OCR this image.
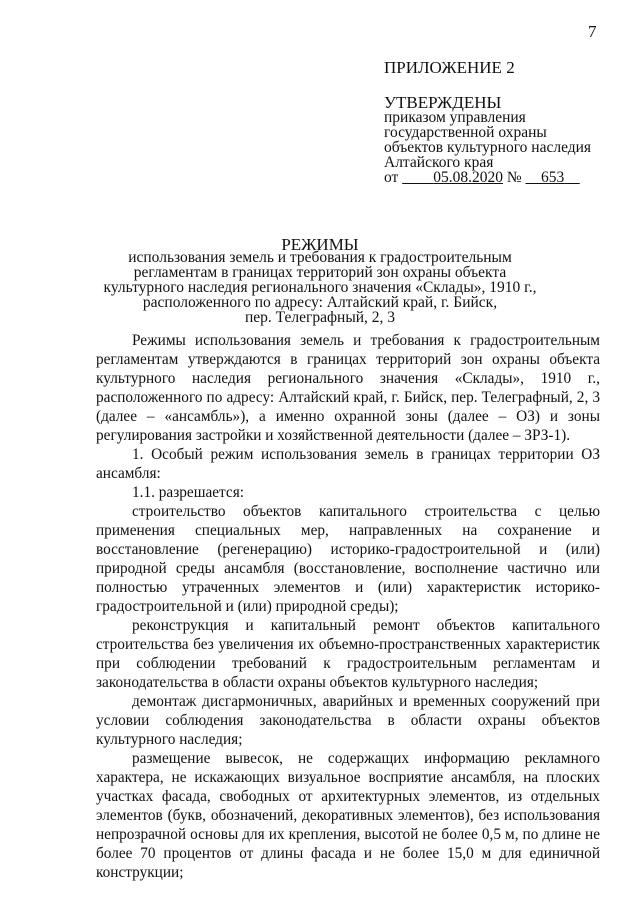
7
ПРИЛОЖЕНИЕ 2
УТВЕРЖДЕНЫ
приказом управления
государственной охраны
объектов культурного наследия
Алтайского края
от 05.08.2020 № 653
РЕЖИМЫ
использования земель и требования к градостроительным
регламентам в границах территорий зон охраны объекта
культурного наследия регионального значения «Склады», 1910 г.,
расположенного по адресу: Алтайский край, г. Бийск,
пер. Телеграфный, 2, 3

Режимы использования земель и требования к градостроительным регламентам утверждаются в границах территорий зон охраны объекта культурного наследия регионального значения «Склады», 1910 г., расположенного по адресу: Алтайский край, г. Бийск, пер. Телеграфный, 2, 3 (далее – «ансамбль»), а именно охранной зоны (далее – ОЗ) и зоны регулирования застройки и хозяйственной деятельности (далее – ЗРЗ-1).

1. Особый режим использования земель в границах территории ОЗ ансамбля:

1.1. разрешается:

строительство объектов капитального строительства с целью применения специальных мер, направленных на сохранение и восстановление (регенерацию) историко-градостроительной и (или) природной среды ансамбля (восстановление, восполнение частично или полностью утраченных элементов и (или) характеристик историко-градостроительной и (или) природной среды);

реконструкция и капитальный ремонт объектов капитального строительства без увеличения их объемно-пространственных характеристик при соблюдении требований к градостроительным регламентам и законодательства в области охраны объектов культурного наследия;

демонтаж дисгармоничных, аварийных и временных сооружений при условии соблюдения законодательства в области охраны объектов культурного наследия;

размещение вывесок, не содержащих информацию рекламного характера, не искажающих визуальное восприятие ансамбля, на плоских участках фасада, свободных от архитектурных элементов, из отдельных элементов (букв, обозначений, декоративных элементов), без использования непрозрачной основы для их крепления, высотой не более 0,5 м, по длине не более 70 процентов от длины фасада и не более 15,0 м для единичной конструкции;
